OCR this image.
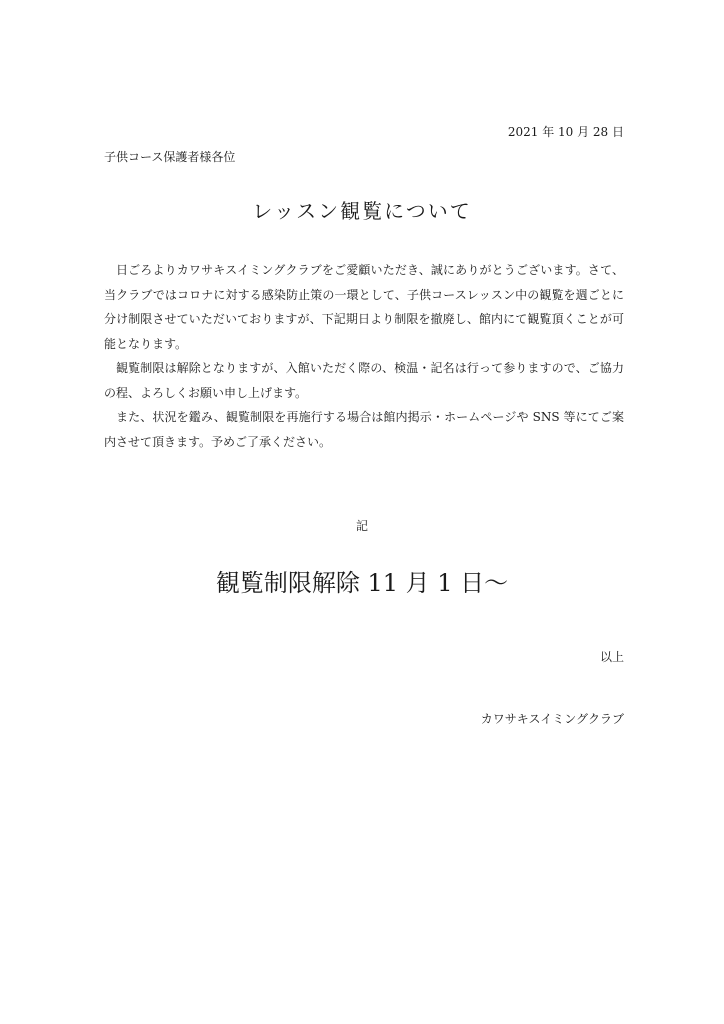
2021 年 10 月 28 日
子供コース保護者様各位
レッスン観覧について

日ごろよりカワサキスイミングクラブをご愛顧いただき、誠にありがとうございます。さて、当クラブではコロナに対する感染防止策の一環として、子供コースレッスン中の観覧を週ごとに分け制限させていただいておりますが、下記期日より制限を撤廃し、館内にて観覧頂くことが可能となります。

観覧制限は解除となりますが、入館いただく際の、検温・記名は行って参りますので、ご協力の程、よろしくお願い申し上げます。

また、状況を鑑み、観覧制限を再施行する場合は館内掲示・ホームページや SNS 等にてご案内させて頂きます。予めご了承ください。

記
観覧制限解除 11 月 1 日～
以上
カワサキスイミングクラブ
